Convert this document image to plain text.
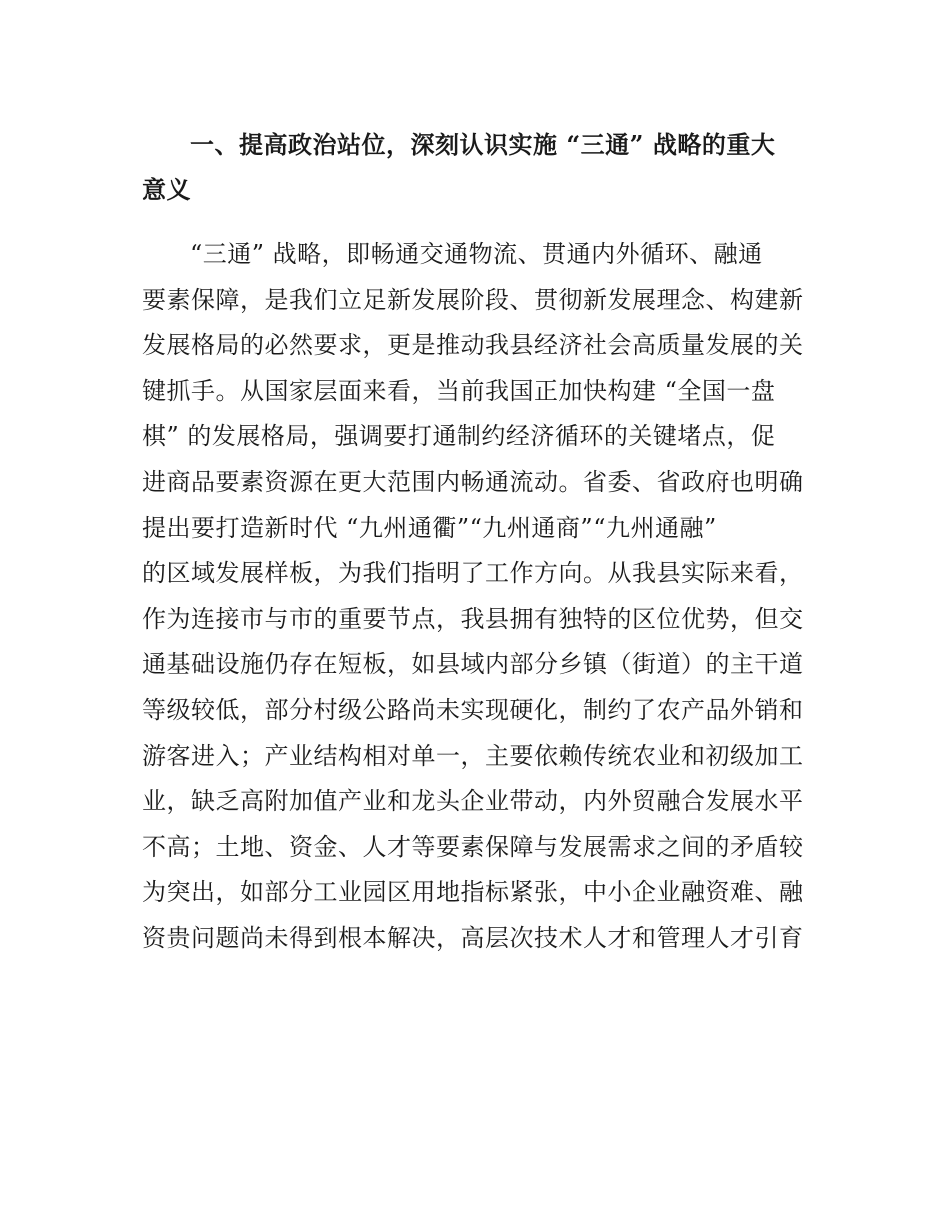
一、提高政治站位，深刻认识实施 “三通” 战略的重大
意义
“三通” 战略，即畅通交通物流、贯通内外循环、融通
要素保障，是我们立足新发展阶段、贯彻新发展理念、构建新
发展格局的必然要求，更是推动我县经济社会高质量发展的关
键抓手。从国家层面来看，当前我国正加快构建 “全国一盘
棋” 的发展格局，强调要打通制约经济循环的关键堵点，促
进商品要素资源在更大范围内畅通流动。省委、省政府也明确
提出要打造新时代 “九州通衢”“九州通商”“九州通融”
的区域发展样板，为我们指明了工作方向。从我县实际来看，
作为连接市与市的重要节点，我县拥有独特的区位优势，但交
通基础设施仍存在短板，如县域内部分乡镇（街道）的主干道
等级较低，部分村级公路尚未实现硬化，制约了农产品外销和
游客进入；产业结构相对单一，主要依赖传统农业和初级加工
业，缺乏高附加值产业和龙头企业带动，内外贸融合发展水平
不高；土地、资金、人才等要素保障与发展需求之间的矛盾较
为突出，如部分工业园区用地指标紧张，中小企业融资难、融
资贵问题尚未得到根本解决，高层次技术人才和管理人才引育
